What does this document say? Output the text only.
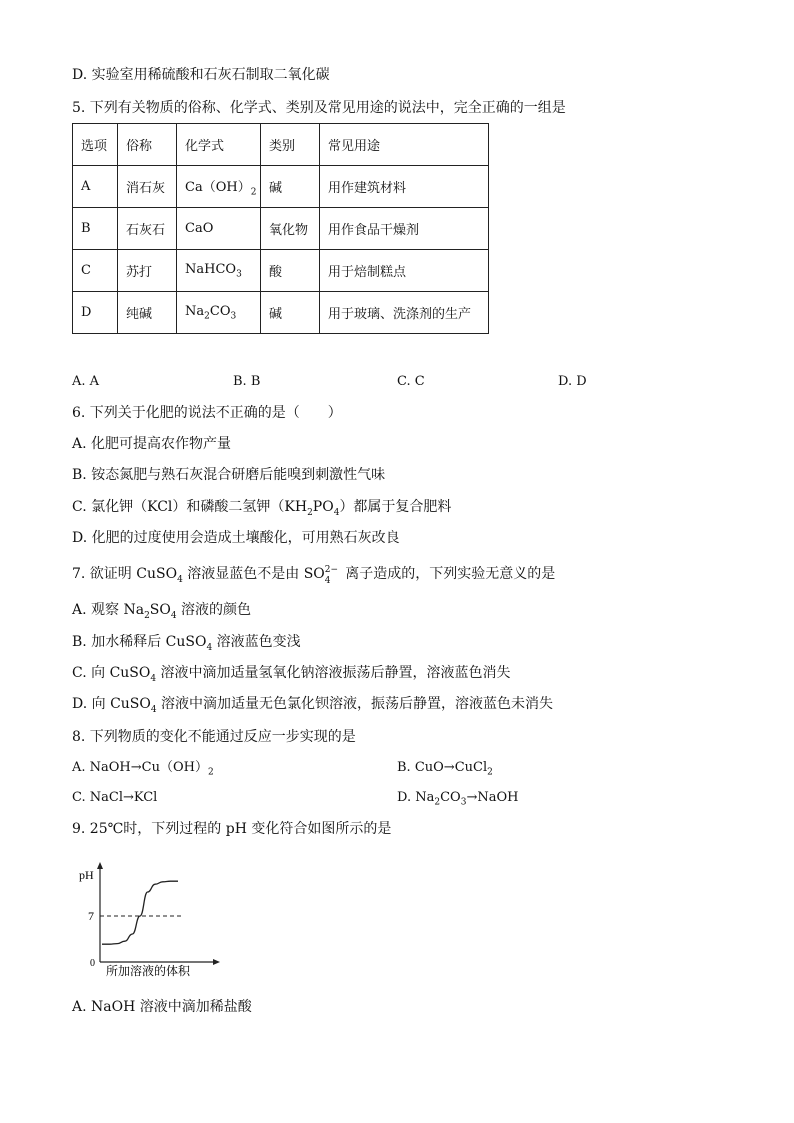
D. 实验室用稀硫酸和石灰石制取二氧化碳
5. 下列有关物质的俗称、化学式、类别及常见用途的说法中，完全正确的一组是
选项	俗称	化学式	类别	常见用途
A	消石灰	$Ca(OH)_2$	碱	用作建筑材料
B	石灰石	CaO	氧化物	用作食品干燥剂
C	苏打	NaHCO$_3$	酸	用于焙制糕点
D	纯碱	$Na_2CO_3$	碱	用于玻璃、洗涤剂的生产
A. A	B. B	C. C	D. D
6. 下列关于化肥的说法不正确的是（　　）
A. 化肥可提高农作物产量
B. 铵态氮肥与熟石灰混合研磨后能嗅到刺激性气味
C. 氯化钾（KCl）和磷酸二氢钾$(KH_2PO_4)$都属于复合肥料
D. 化肥的过度使用会造成土壤酸化，可用熟石灰改良
7. 欲证明 CuSO$_4$ 溶液显蓝色不是由 SO 2−
4 离子造成的，下列实验无意义的是
A. 观察 $Na_2SO_4$ 溶液的颜色
B. 加水稀释后 CuSO$_4$ 溶液蓝色变浅
C. 向 CuSO$_4$ 溶液中滴加适量氢氧化钠溶液振荡后静置，溶液蓝色消失
D. 向 CuSO$_4$ 溶液中滴加适量无色氯化钡溶液，振荡后静置，溶液蓝色未消失
8. 下列物质的变化不能通过反应一步实现的是
A. $NaOH\to Cu(OH)_2$	B. CuO→CuCl$_2$
C. NaCl→KCl	D. $Na_2CO_3\to NaOH$
9. 25℃时，下列过程的 pH 变化符合如图所示的是
pH
7
0
所加溶液的体积
A. NaOH 溶液中滴加稀盐酸
